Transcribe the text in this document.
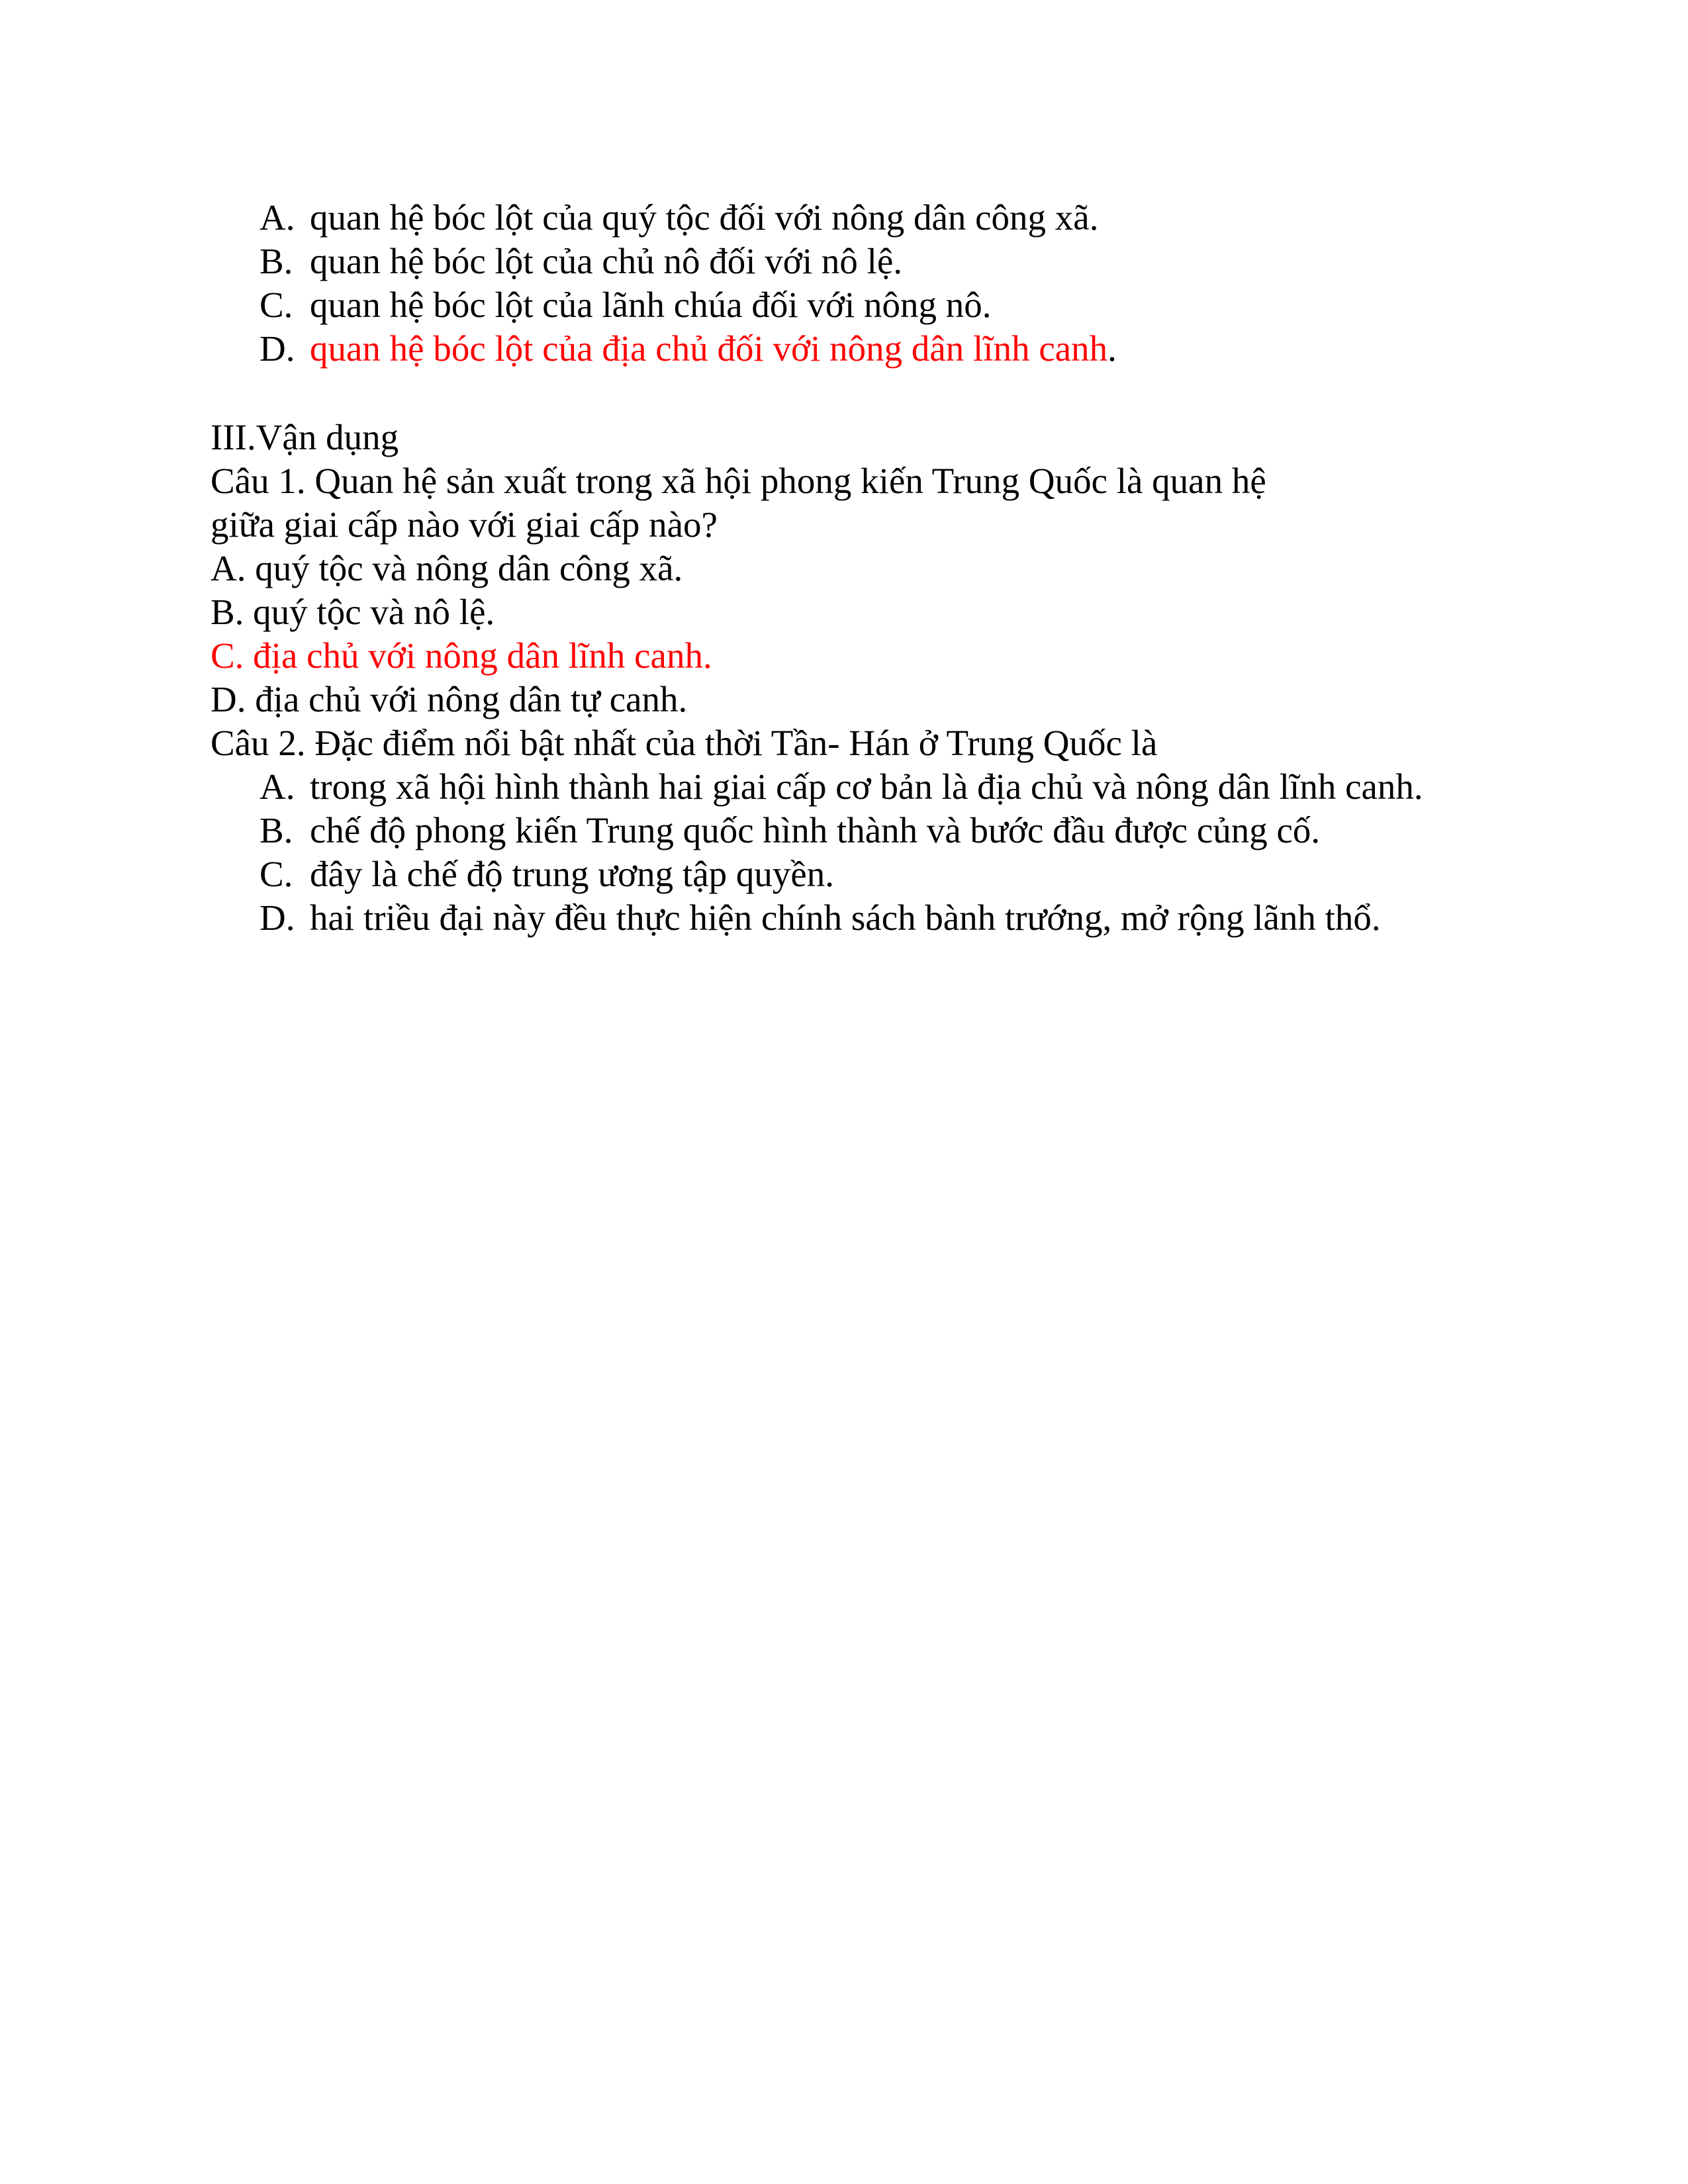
A. quan hệ bóc lột của quý tộc đối với nông dân công xã.
B. quan hệ bóc lột của chủ nô đối với nô lệ.
C. quan hệ bóc lột của lãnh chúa đối với nông nô.
D. quan hệ bóc lột của địa chủ đối với nông dân lĩnh canh.
III.Vận dụng
Câu 1. Quan hệ sản xuất trong xã hội phong kiến Trung Quốc là quan hệ
giữa giai cấp nào với giai cấp nào?
A. quý tộc và nông dân công xã.
B. quý tộc và nô lệ.
C. địa chủ với nông dân lĩnh canh.
D. địa chủ với nông dân tự canh.
Câu 2. Đặc điểm nổi bật nhất của thời Tần- Hán ở Trung Quốc là
A. trong xã hội hình thành hai giai cấp cơ bản là địa chủ và nông dân lĩnh canh.
B. chế độ phong kiến Trung quốc hình thành và bước đầu được củng cố.
C. đây là chế độ trung ương tập quyền.
D. hai triều đại này đều thực hiện chính sách bành trướng, mở rộng lãnh thổ.
